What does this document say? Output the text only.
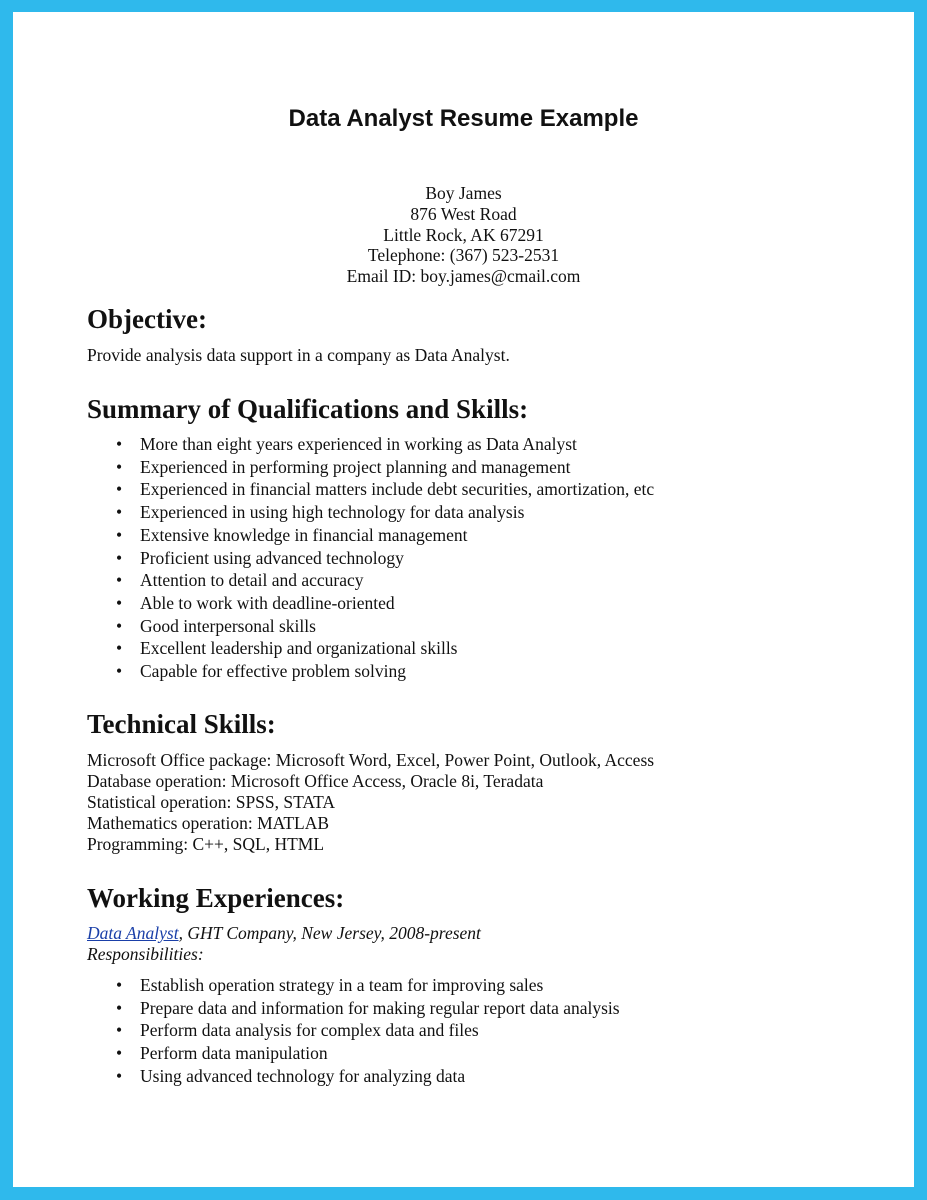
Data Analyst Resume Example
Boy James
876 West Road
Little Rock, AK 67291
Telephone: (367) 523-2531
Email ID: boy.james@cmail.com
Objective:
Provide analysis data support in a company as Data Analyst.
Summary of Qualifications and Skills:
• More than eight years experienced in working as Data Analyst
• Experienced in performing project planning and management
• Experienced in financial matters include debt securities, amortization, etc
• Experienced in using high technology for data analysis
• Extensive knowledge in financial management
• Proficient using advanced technology
• Attention to detail and accuracy
• Able to work with deadline-oriented
• Good interpersonal skills
• Excellent leadership and organizational skills
• Capable for effective problem solving
Technical Skills:
Microsoft Office package: Microsoft Word, Excel, Power Point, Outlook, Access
Database operation: Microsoft Office Access, Oracle 8i, Teradata
Statistical operation: SPSS, STATA
Mathematics operation: MATLAB
Programming: C++, SQL, HTML
Working Experiences:
Data Analyst, GHT Company, New Jersey, 2008-present
Responsibilities:
• Establish operation strategy in a team for improving sales
• Prepare data and information for making regular report data analysis
• Perform data analysis for complex data and files
• Perform data manipulation
• Using advanced technology for analyzing data
